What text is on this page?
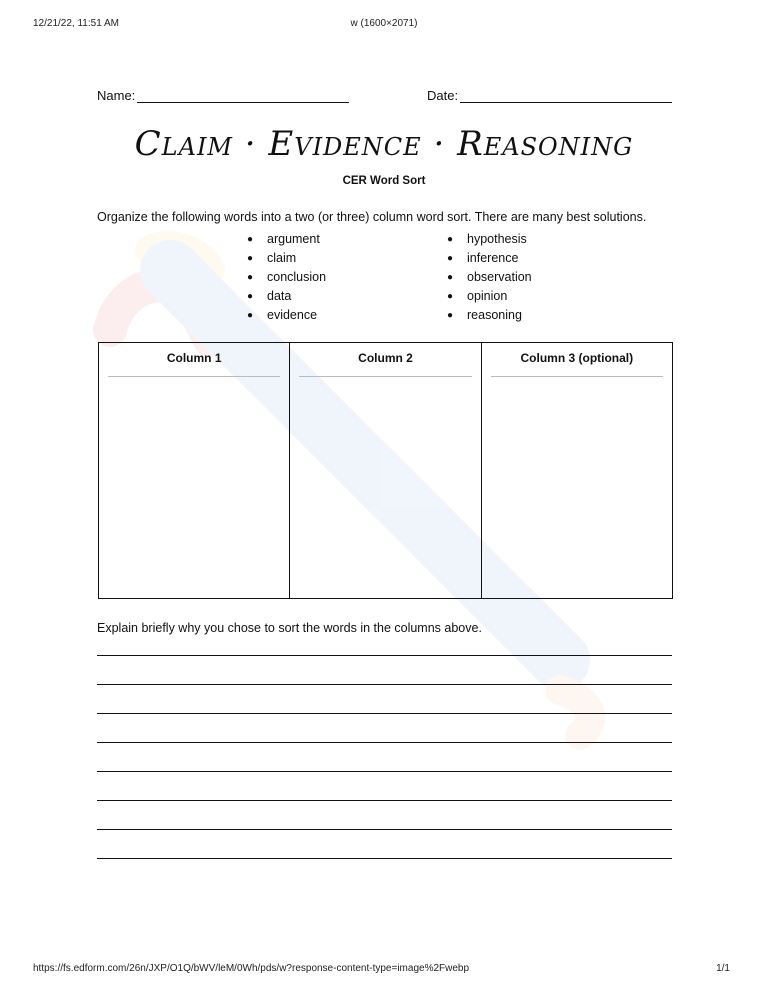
12/21/22, 11:51 AM	w (1600×2071)
Name:	Date:
Claim · Evidence · Reasoning
CER Word Sort
Organize the following words into a two (or three) column word sort. There are many best solutions.
●	argument
●	claim
●	conclusion
●	data
●	evidence
●	hypothesis
●	inference
●	observation
●	opinion
●	reasoning
Column 1	Column 2	Column 3 (optional)
Explain briefly why you chose to sort the words in the columns above.
https://fs.edform.com/26n/JXP/O1Q/bWV/leM/0Wh/pds/w?response-content-type=image%2Fwebp	1/1
